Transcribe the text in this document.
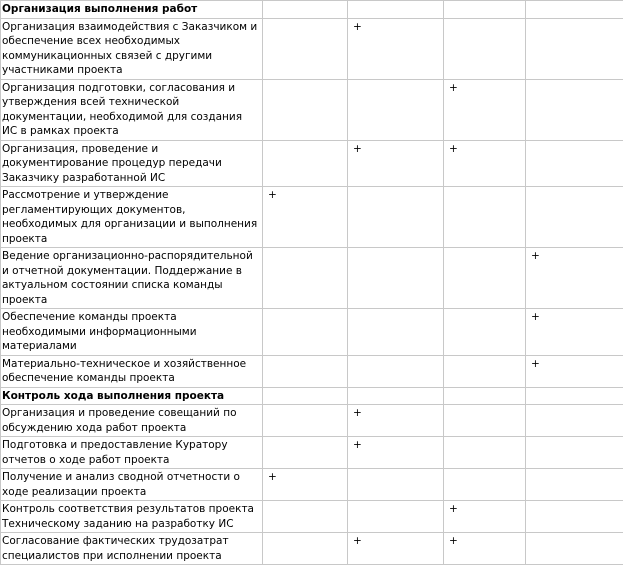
Организация выполнения работ				
Организация взаимодействия с Заказчиком и обеспечение всех необходимых коммуникационных связей с другими участниками проекта		+		
Организация подготовки, согласования и утверждения всей технической документации, необходимой для создания ИС в рамках проекта			+	
Организация, проведение и документирование процедур передачи Заказчику разработанной ИС		+	+	
Рассмотрение и утверждение регламентирующих документов, необходимых для организации и выполнения проекта	+			
Ведение организационно-распорядительной и отчетной документации. Поддержание в актуальном состоянии списка команды проекта				+
Обеспечение команды проекта необходимыми информационными материалами				+
Материально-техническое и хозяйственное обеспечение команды проекта				+
Контроль хода выполнения проекта				
Организация и проведение совещаний по обсуждению хода работ проекта		+		
Подготовка и предоставление Куратору отчетов о ходе работ проекта		+		
Получение и анализ сводной отчетности о ходе реализации проекта	+			
Контроль соответствия результатов проекта Техническому заданию на разработку ИС			+	
Согласование фактических трудозатрат специалистов при исполнении проекта		+	+	
